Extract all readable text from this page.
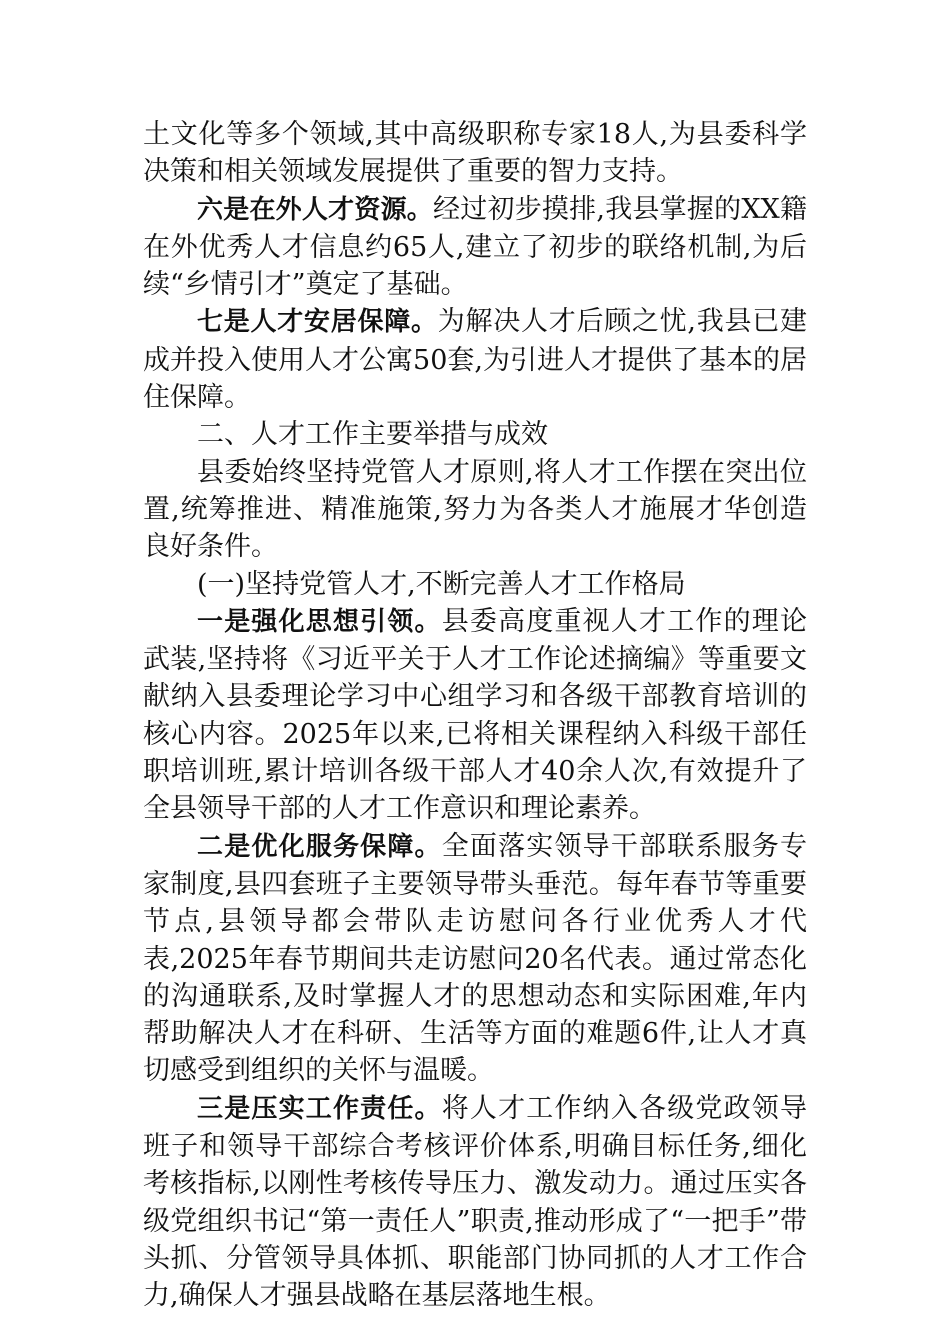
土文化等多个领域,其中高级职称专家18人,为县委科学决策和相关领域发展提供了重要的智力支持。

六是在外人才资源。经过初步摸排,我县掌握的XX籍在外优秀人才信息约65人,建立了初步的联络机制,为后续“乡情引才”奠定了基础。

七是人才安居保障。为解决人才后顾之忧,我县已建成并投入使用人才公寓50套,为引进人才提供了基本的居住保障。

二、人才工作主要举措与成效

县委始终坚持党管人才原则,将人才工作摆在突出位置,统筹推进、精准施策,努力为各类人才施展才华创造良好条件。

(一)坚持党管人才,不断完善人才工作格局

一是强化思想引领。县委高度重视人才工作的理论武装,坚持将《习近平关于人才工作论述摘编》等重要文献纳入县委理论学习中心组学习和各级干部教育培训的核心内容。2025年以来,已将相关课程纳入科级干部任职培训班,累计培训各级干部人才40余人次,有效提升了全县领导干部的人才工作意识和理论素养。

二是优化服务保障。全面落实领导干部联系服务专家制度,县四套班子主要领导带头垂范。每年春节等重要节点,县领导都会带队走访慰问各行业优秀人才代表,2025年春节期间共走访慰问20名代表。通过常态化的沟通联系,及时掌握人才的思想动态和实际困难,年内帮助解决人才在科研、生活等方面的难题6件,让人才真切感受到组织的关怀与温暖。

三是压实工作责任。将人才工作纳入各级党政领导班子和领导干部综合考核评价体系,明确目标任务,细化考核指标,以刚性考核传导压力、激发动力。通过压实各级党组织书记“第一责任人”职责,推动形成了“一把手”带头抓、分管领导具体抓、职能部门协同抓的人才工作合力,确保人才强县战略在基层落地生根。
